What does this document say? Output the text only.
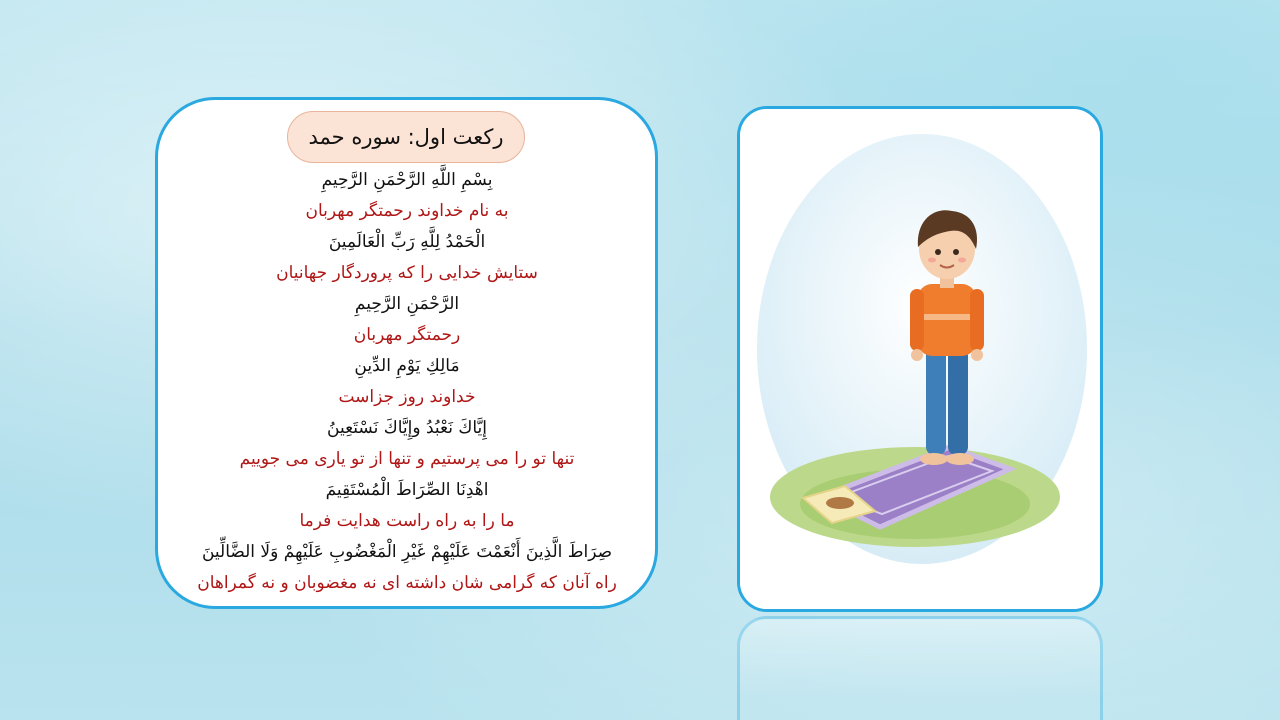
رکعت اول: سوره حمد
بِسْمِ اللَّهِ الرَّحْمَنِ الرَّحِيمِ
به نام خداوند رحمتگر مهربان
الْحَمْدُ لِلَّهِ رَبِّ الْعَالَمِينَ
ستایش خدایی را که پروردگار جهانیان
الرَّحْمَنِ الرَّحِيمِ
رحمتگر مهربان
مَالِكِ يَوْمِ الدِّينِ
خداوند روز جزاست
إِيَّاكَ نَعْبُدُ وإِيَّاكَ نَسْتَعِينُ
تنها تو را می پرستیم و تنها از تو یاری می جوییم
اهْدِنَا الصِّرَاطَ الْمُسْتَقِيمَ
ما را به راه راست هدایت فرما
صِرَاطَ الَّذِينَ أَنْعَمْتَ عَلَيْهِمْ غَيْرِ الْمَغْضُوبِ عَلَيْهِمْ وَلَا الضَّالِّينَ
راه آنان که گرامی شان داشته ای نه مغضوبان و نه گمراهان
